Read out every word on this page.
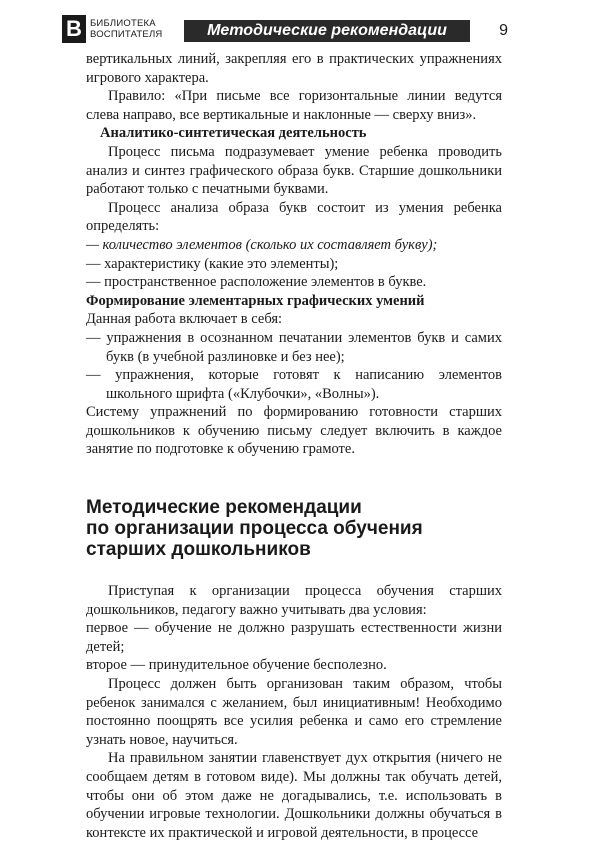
В БИБЛИОТЕКА
ВОСПИТАТЕЛЯ	Методические рекомендации	9

вертикальных линий, закрепляя его в практических упражнениях игрового характера.

Правило: «При письме все горизонтальные линии ведутся слева направо, все вертикальные и наклонные — сверху вниз».

Аналитико-синтетическая деятельность

Процесс письма подразумевает умение ребенка проводить анализ и синтез графического образа букв. Старшие дошкольники работают только с печатными буквами.

Процесс анализа образа букв состоит из умения ребенка определять:

— количество элементов (сколько их составляет букву);

— характеристику (какие это элементы);

— пространственное расположение элементов в букве.

Формирование элементарных графических умений

Данная работа включает в себя:

— упражнения в осознанном печатании элементов букв и самих букв (в учебной разлиновке и без нее);

— упражнения, которые готовят к написанию элементов школьного шрифта («Клубочки», «Волны»).

Систему упражнений по формированию готовности старших дошкольников к обучению письму следует включить в каждое занятие по подготовке к обучению грамоте.

Методические рекомендации
по организации процесса обучения
старших дошкольников

Приступая к организации процесса обучения старших дошкольников, педагогу важно учитывать два условия:

первое — обучение не должно разрушать естественности жизни детей;

второе — принудительное обучение бесполезно.

Процесс должен быть организован таким образом, чтобы ребенок занимался с желанием, был инициативным! Необходимо постоянно поощрять все усилия ребенка и само его стремление узнать новое, научиться.

На правильном занятии главенствует дух открытия (ничего не сообщаем детям в готовом виде). Мы должны так обучать детей, чтобы они об этом даже не догадывались, т.е. использовать в обучении игровые технологии. Дошкольники должны обучаться в контексте их практической и игровой деятельности, в процессе
